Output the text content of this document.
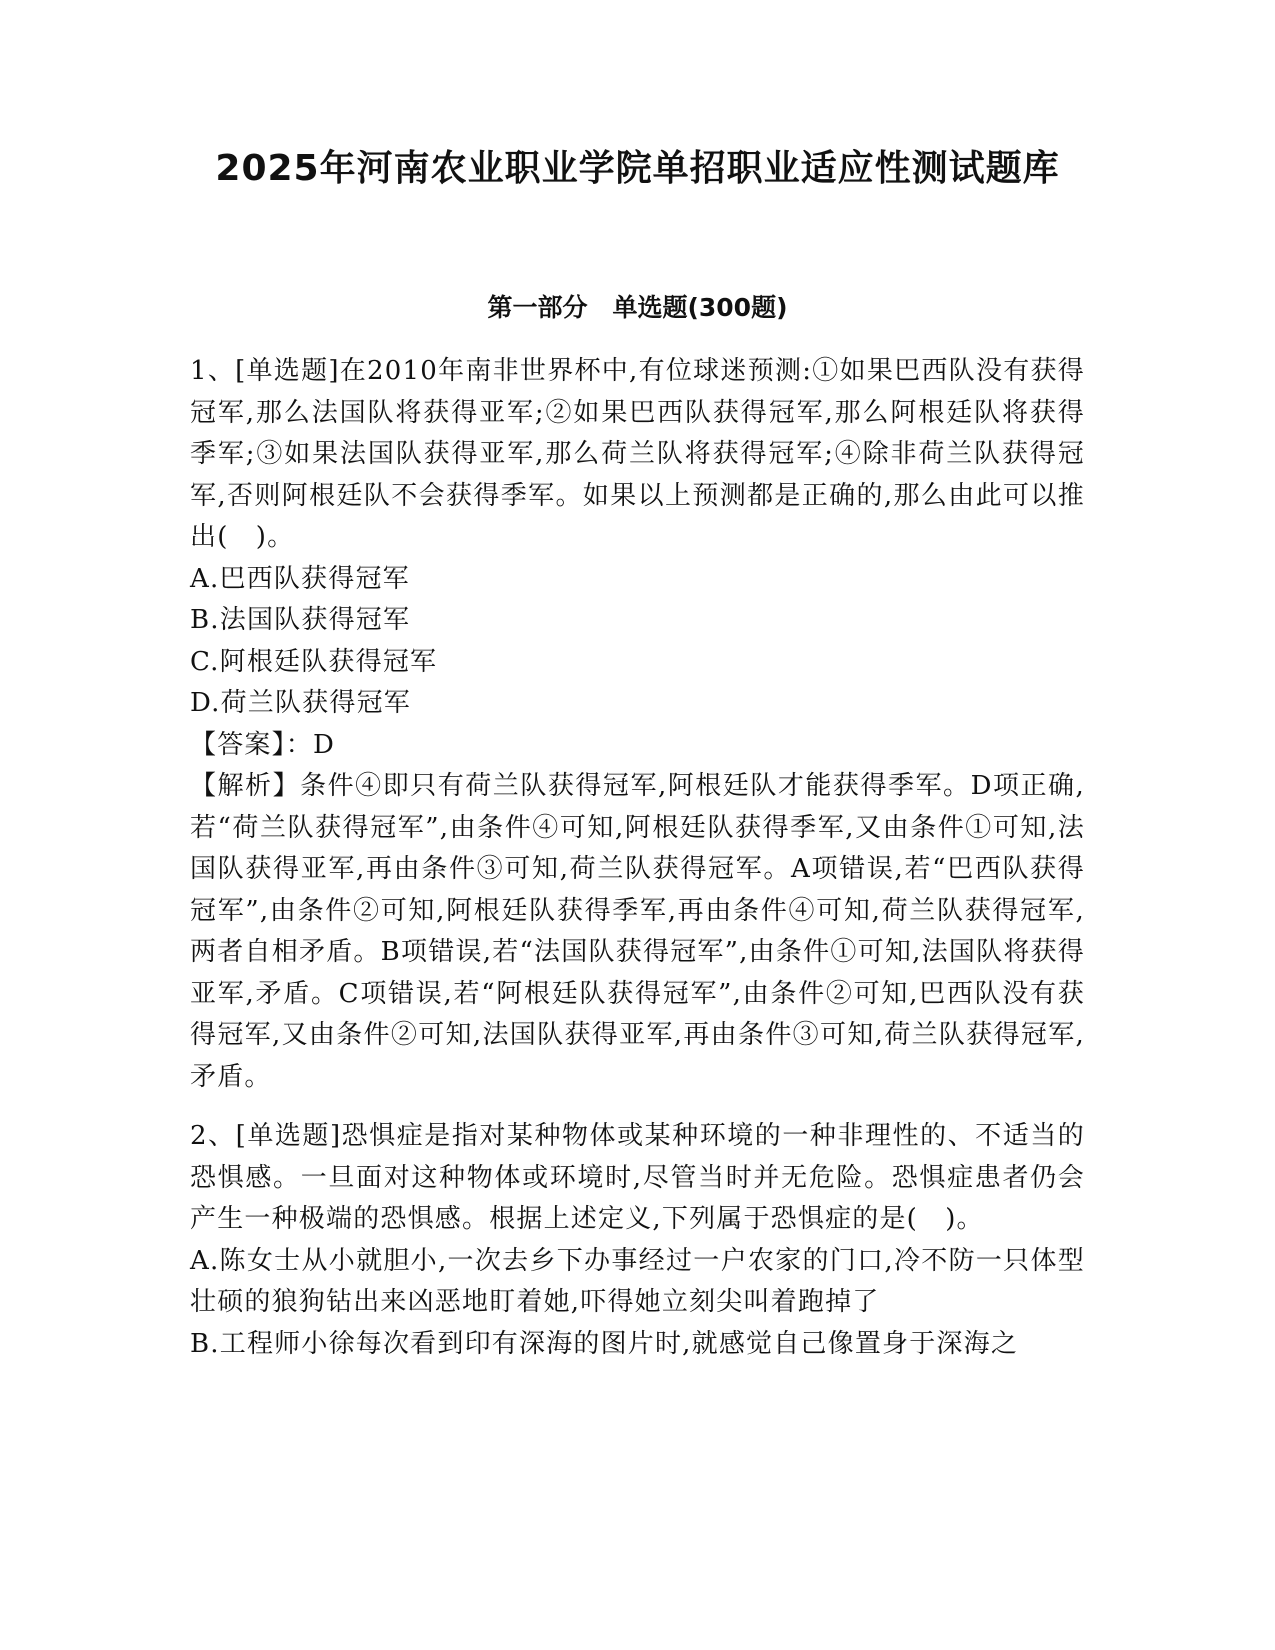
2025年河南农业职业学院单招职业适应性测试题库
第一部分　单选题(300题)

1、[单选题]在2010年南非世界杯中,有位球迷预测:①如果巴西队没有获得冠军,那么法国队将获得亚军;②如果巴西队获得冠军,那么阿根廷队将获得季军;③如果法国队获得亚军,那么荷兰队将获得冠军;④除非荷兰队获得冠军,否则阿根廷队不会获得季军。如果以上预测都是正确的,那么由此可以推出(　)。

A.巴西队获得冠军

B.法国队获得冠军

C.阿根廷队获得冠军

D.荷兰队获得冠军

【答案】：D

【解析】条件④即只有荷兰队获得冠军,阿根廷队才能获得季军。D项正确,若“荷兰队获得冠军”,由条件④可知,阿根廷队获得季军,又由条件①可知,法国队获得亚军,再由条件③可知,荷兰队获得冠军。A项错误,若“巴西队获得冠军”,由条件②可知,阿根廷队获得季军,再由条件④可知,荷兰队获得冠军,两者自相矛盾。B项错误,若“法国队获得冠军”,由条件①可知,法国队将获得亚军,矛盾。C项错误,若“阿根廷队获得冠军”,由条件②可知,巴西队没有获得冠军,又由条件②可知,法国队获得亚军,再由条件③可知,荷兰队获得冠军,矛盾。

2、[单选题]恐惧症是指对某种物体或某种环境的一种非理性的、不适当的恐惧感。一旦面对这种物体或环境时,尽管当时并无危险。恐惧症患者仍会产生一种极端的恐惧感。根据上述定义,下列属于恐惧症的是(　)。

A.陈女士从小就胆小,一次去乡下办事经过一户农家的门口,冷不防一只体型壮硕的狼狗钻出来凶恶地盯着她,吓得她立刻尖叫着跑掉了

B.工程师小徐每次看到印有深海的图片时,就感觉自己像置身于深海之
